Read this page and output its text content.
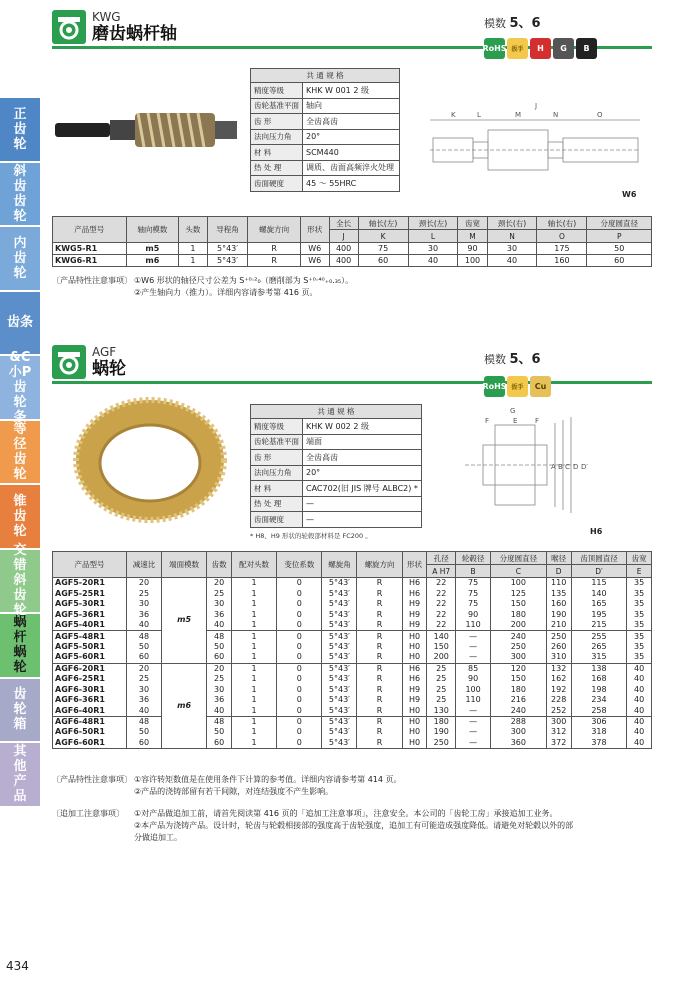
正
齿
轮
斜
齿
齿
轮
内
齿
轮
齿条
&C
小P
齿
轮
条
等
径
齿
轮
锥
齿
轮
交
错
斜
齿
轮
蜗
杆
蜗
轮
齿
轮
箱
其
他
产
品
434
KWG
磨齿蜗杆轴	模数 5、6
RoHS 扳手	H	G	B
共 通 规 格	
精度等级	KHK W 001 2 级
齿轮基准平面	轴向
齿 形	全齿高齿
法向压力角	20°
材 料	SCM440
热 处 理	调质、齿面高频淬火处理
齿面硬度	45 ～ 55HRC
J
K	L	M	N	O
W6
产品型号	轴向模数	头数	导程角	螺旋方向	形状	全长	轴长(左)	颈长(左)	齿宽	颈长(右)	轴长(右)	分度圆直径
						J	K	L	M	N	O	P
KWG5-R1	m5	1	5°43′	R	W6	400	75	30	90	30	175	50
KWG6-R1	m6	1	5°43′	R	W6	400	60	40	100	40	160	60
〔产品特性注意事项〕 ①W6 形状的轴径尺寸公差为 S⁺⁰·²₀（磨削部为 S⁺⁰·⁴⁰₊₀.₃₅）。
②产生轴向力（推力）。详细内容请参考第 416 页。
AGF
蜗轮	模数 5、6
RoHS 扳手	Cu
共 通 规 格	
精度等级	KHK W 002 2 级
齿轮基准平面	端面
齿 形	全齿高齿
法向压力角	20°
材 料	CAC702(旧 JIS 牌号 ALBC2) *
热 处 理	—
齿面硬度	—
* H8、H9 形状的轮毂部材料是 FC200 。
G
F	E	F
A B C D D′
H6
产品型号	减速比	端面模数	齿数	配对头数	变位系数	螺旋角	螺旋方向	形状	孔径	轮毂径	分度圆直径	喉径	齿顶圆直径	齿宽
									A H7	B	C	D	D′	E
AGF5-20R1	20	m5	20	1	0	5°43′	R	H6	22	75	100	110	115	35
AGF5-25R1	25		25	1	0	5°43′	R	H6	22	75	125	135	140	35
AGF5-30R1	30		30	1	0	5°43′	R	H9	22	75	150	160	165	35
AGF5-36R1	36		36	1	0	5°43′	R	H9	22	90	180	190	195	35
AGF5-40R1	40		40	1	0	5°43′	R	H9	22	110	200	210	215	35
AGF5-48R1	48		48	1	0	5°43′	R	H0	140	—	240	250	255	35
AGF5-50R1	50		50	1	0	5°43′	R	H0	150	—	250	260	265	35
AGF5-60R1	60		60	1	0	5°43′	R	H0	200	—	300	310	315	35
AGF6-20R1	20	m6	20	1	0	5°43′	R	H6	25	85	120	132	138	40
AGF6-25R1	25		25	1	0	5°43′	R	H6	25	90	150	162	168	40
AGF6-30R1	30		30	1	0	5°43′	R	H9	25	100	180	192	198	40
AGF6-36R1	36		36	1	0	5°43′	R	H9	25	110	216	228	234	40
AGF6-40R1	40		40	1	0	5°43′	R	H0	130	—	240	252	258	40
AGF6-48R1	48		48	1	0	5°43′	R	H0	180	—	288	300	306	40
AGF6-50R1	50		50	1	0	5°43′	R	H0	190	—	300	312	318	40
AGF6-60R1	60		60	1	0	5°43′	R	H0	250	—	360	372	378	40
〔产品特性注意事项〕 ①容许转矩数值是在使用条件下计算的参考值。详细内容请参考第 414 页。
②产品的浇铸部留有若干间隙，对连结强度不产生影响。
〔追加工注意事项〕 ①对产品做追加工前，请首先阅读第 416 页的「追加工注意事项」，注意安全。本公司的「齿轮工房」承接追加工业务。
②本产品为浇铸产品。设计时，轮齿与轮毂相接部的强度高于齿轮强度，追加工有可能造成强度降低。请避免对轮毂以外的部
分做追加工。
